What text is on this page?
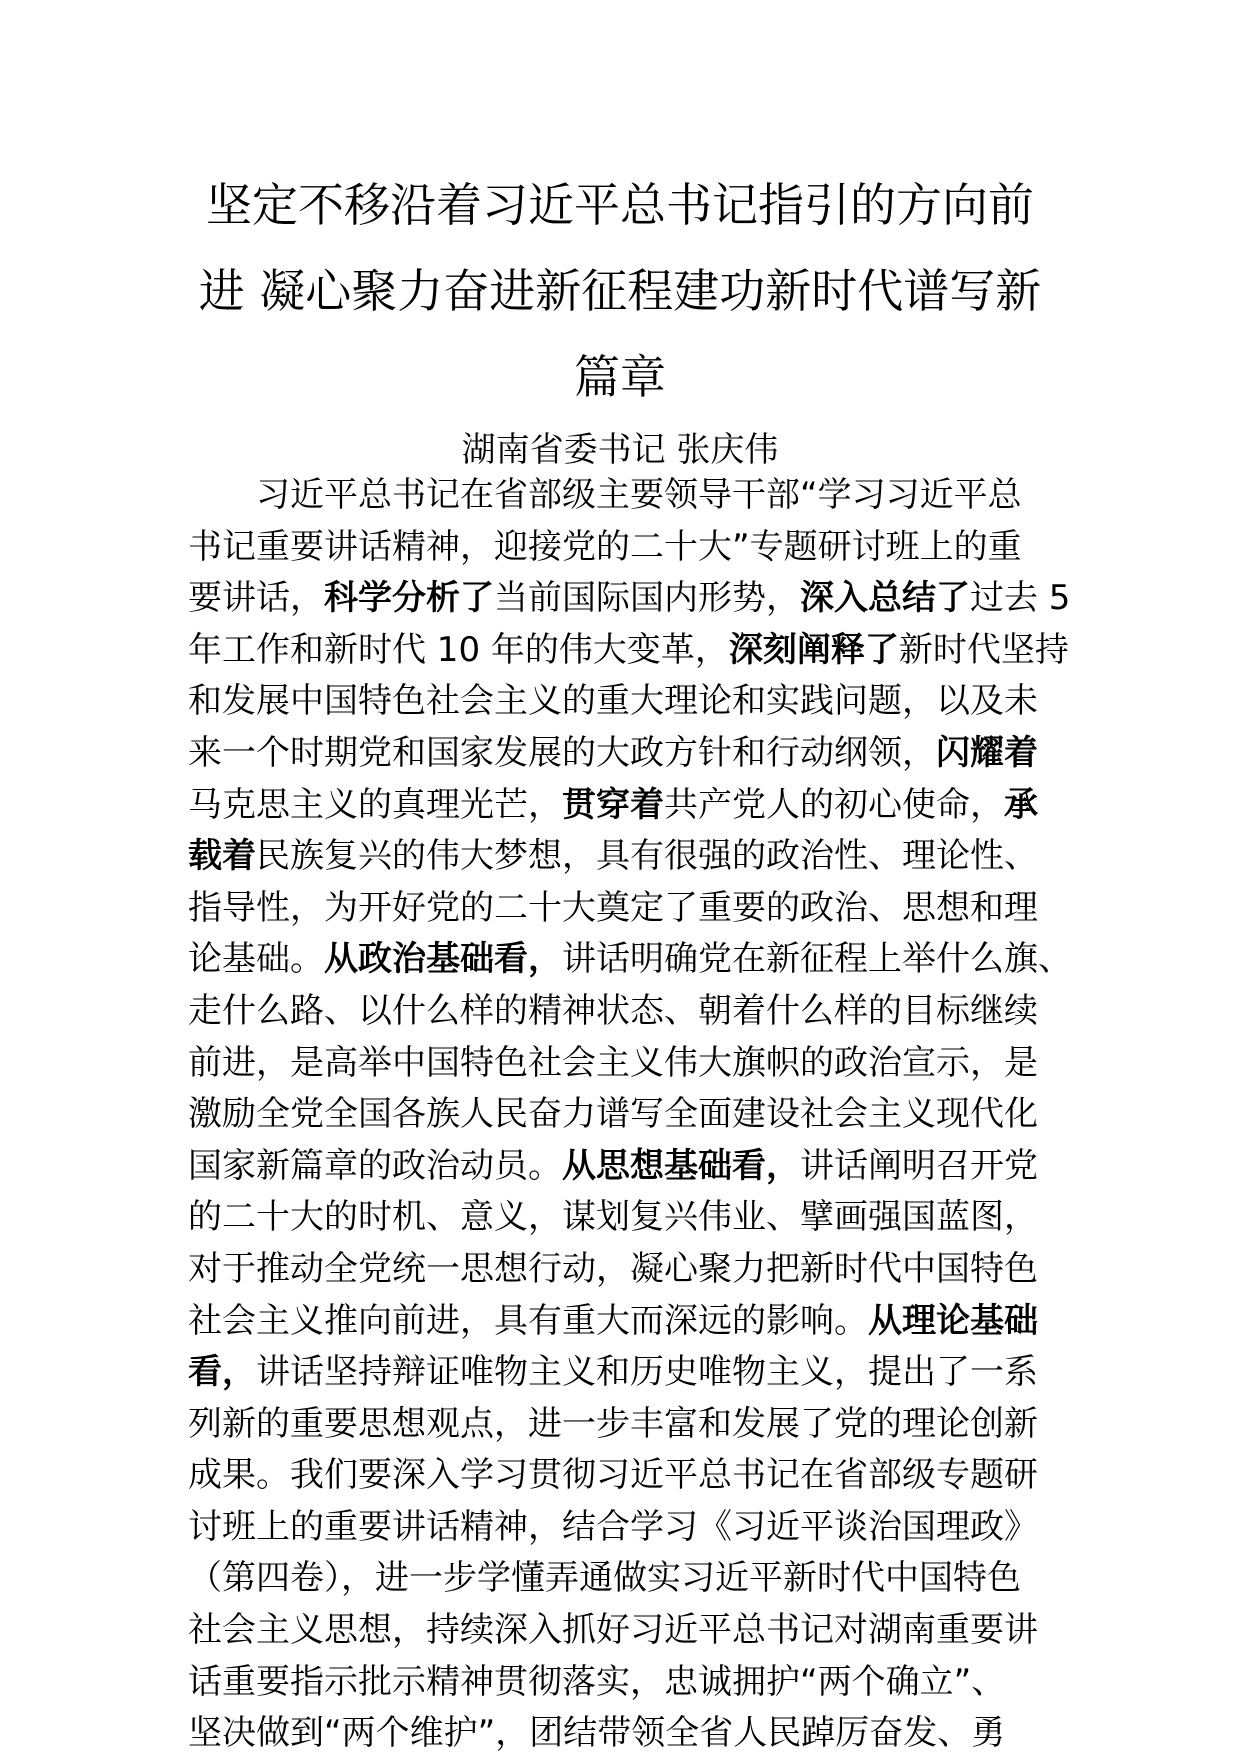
坚定不移沿着习近平总书记指引的方向前
进 凝心聚力奋进新征程建功新时代谱写新
篇章
湖南省委书记 张庆伟
习近平总书记在省部级主要领导干部“学习习近平总
书记重要讲话精神，迎接党的二十大”专题研讨班上的重
要讲话，科学分析了当前国际国内形势，深入总结了过去 5
年工作和新时代 10 年的伟大变革，深刻阐释了新时代坚持
和发展中国特色社会主义的重大理论和实践问题，以及未
来一个时期党和国家发展的大政方针和行动纲领，闪耀着
马克思主义的真理光芒，贯穿着共产党人的初心使命，承
载着民族复兴的伟大梦想，具有很强的政治性、理论性、
指导性，为开好党的二十大奠定了重要的政治、思想和理
论基础。从政治基础看，讲话明确党在新征程上举什么旗、
走什么路、以什么样的精神状态、朝着什么样的目标继续
前进，是高举中国特色社会主义伟大旗帜的政治宣示，是
激励全党全国各族人民奋力谱写全面建设社会主义现代化
国家新篇章的政治动员。从思想基础看，讲话阐明召开党
的二十大的时机、意义，谋划复兴伟业、擘画强国蓝图，
对于推动全党统一思想行动，凝心聚力把新时代中国特色
社会主义推向前进，具有重大而深远的影响。从理论基础
看，讲话坚持辩证唯物主义和历史唯物主义，提出了一系
列新的重要思想观点，进一步丰富和发展了党的理论创新
成果。我们要深入学习贯彻习近平总书记在省部级专题研
讨班上的重要讲话精神，结合学习《习近平谈治国理政》
（第四卷），进一步学懂弄通做实习近平新时代中国特色
社会主义思想，持续深入抓好习近平总书记对湖南重要讲
话重要指示批示精神贯彻落实，忠诚拥护“两个确立”、
坚决做到“两个维护”，团结带领全省人民踔厉奋发、勇
